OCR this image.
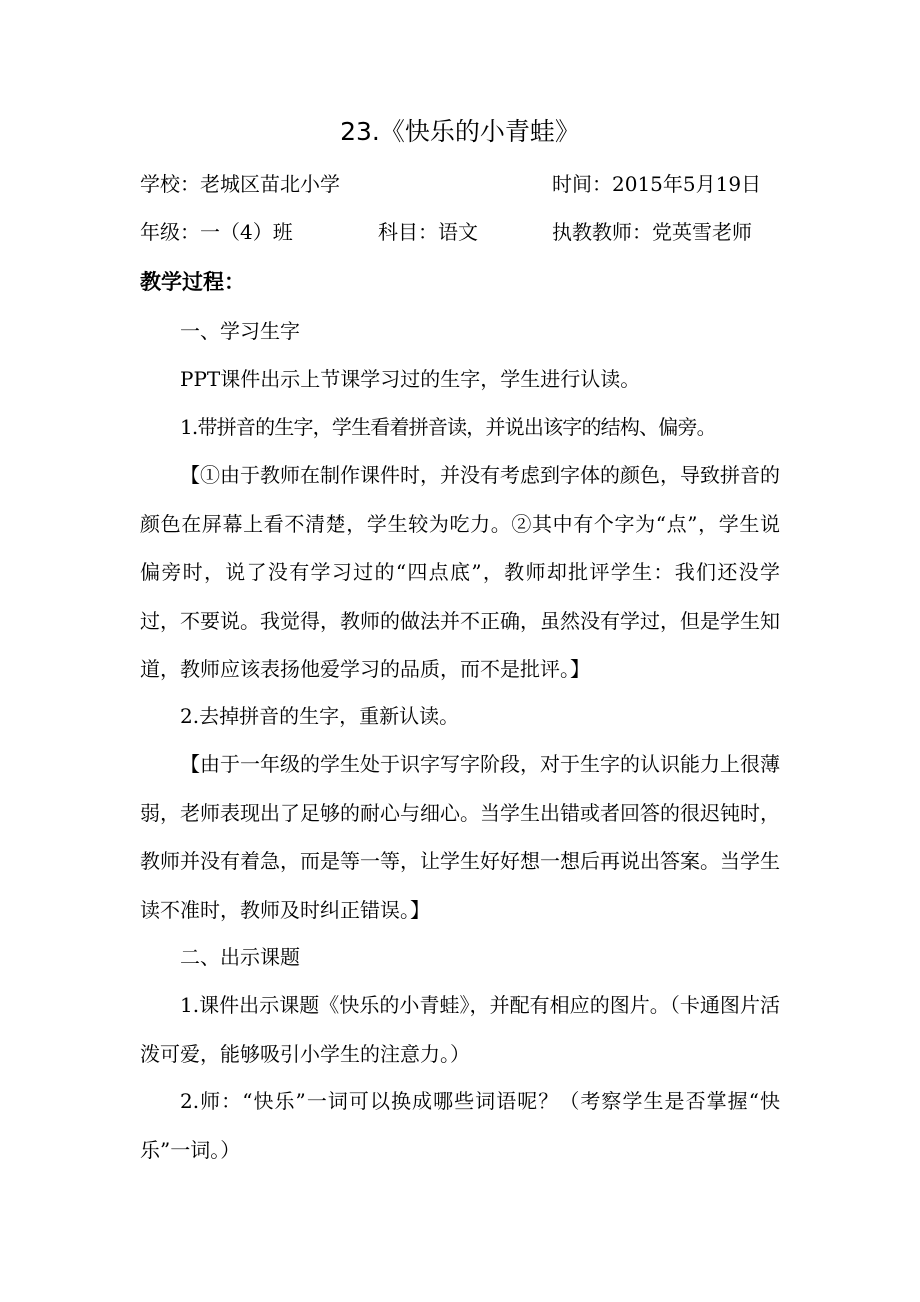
23.《快乐的小青蛙》
学校：老城区苗北小学	时间：2015年5月19日
年级：一（4）班	科目：语文	执教教师：党英雪老师
教学过程：

一、学习生字

PPT课件出示上节课学习过的生字，学生进行认读。

1.带拼音的生字，学生看着拼音读，并说出该字的结构、偏旁。

【①由于教师在制作课件时，并没有考虑到字体的颜色，导致拼音的颜色在屏幕上看不清楚，学生较为吃力。②其中有个字为“点”，学生说偏旁时，说了没有学习过的“四点底”，教师却批评学生：我们还没学过，不要说。我觉得，教师的做法并不正确，虽然没有学过，但是学生知道，教师应该表扬他爱学习的品质，而不是批评。】

2.去掉拼音的生字，重新认读。

【由于一年级的学生处于识字写字阶段，对于生字的认识能力上很薄弱，老师表现出了足够的耐心与细心。当学生出错或者回答的很迟钝时，教师并没有着急，而是等一等，让学生好好想一想后再说出答案。当学生读不准时，教师及时纠正错误。】

二、出示课题

1.课件出示课题《快乐的小青蛙》，并配有相应的图片。（卡通图片活泼可爱，能够吸引小学生的注意力。）

2.师：“快乐”一词可以换成哪些词语呢？（考察学生是否掌握“快乐”一词。）
